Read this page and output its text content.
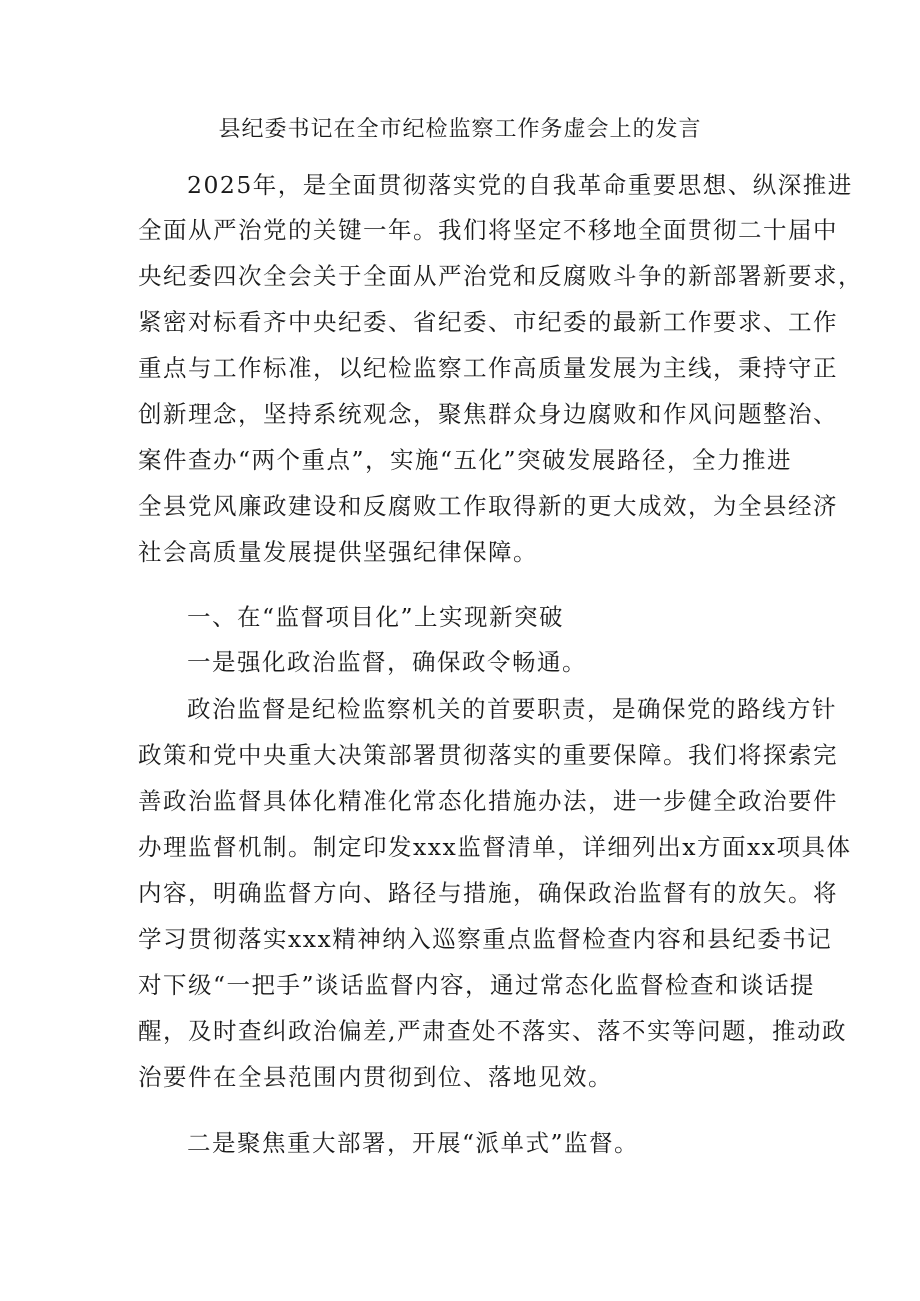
县纪委书记在全市纪检监察工作务虚会上的发言
2025年，是全面贯彻落实党的自我革命重要思想、纵深推进
全面从严治党的关键一年。我们将坚定不移地全面贯彻二十届中
央纪委四次全会关于全面从严治党和反腐败斗争的新部署新要求，
紧密对标看齐中央纪委、省纪委、市纪委的最新工作要求、工作
重点与工作标准，以纪检监察工作高质量发展为主线，秉持守正
创新理念，坚持系统观念，聚焦群众身边腐败和作风问题整治、
案件查办“两个重点”，实施“五化”突破发展路径，全力推进
全县党风廉政建设和反腐败工作取得新的更大成效，为全县经济
社会高质量发展提供坚强纪律保障。
一、在“监督项目化”上实现新突破
一是强化政治监督，确保政令畅通。
政治监督是纪检监察机关的首要职责，是确保党的路线方针
政策和党中央重大决策部署贯彻落实的重要保障。我们将探索完
善政治监督具体化精准化常态化措施办法，进一步健全政治要件
办理监督机制。制定印发xxx监督清单，详细列出x方面xx项具体
内容，明确监督方向、路径与措施，确保政治监督有的放矢。将
学习贯彻落实xxx精神纳入巡察重点监督检查内容和县纪委书记
对下级“一把手”谈话监督内容，通过常态化监督检查和谈话提
醒，及时查纠政治偏差,严肃查处不落实、落不实等问题，推动政
治要件在全县范围内贯彻到位、落地见效。
二是聚焦重大部署，开展“派单式”监督。
